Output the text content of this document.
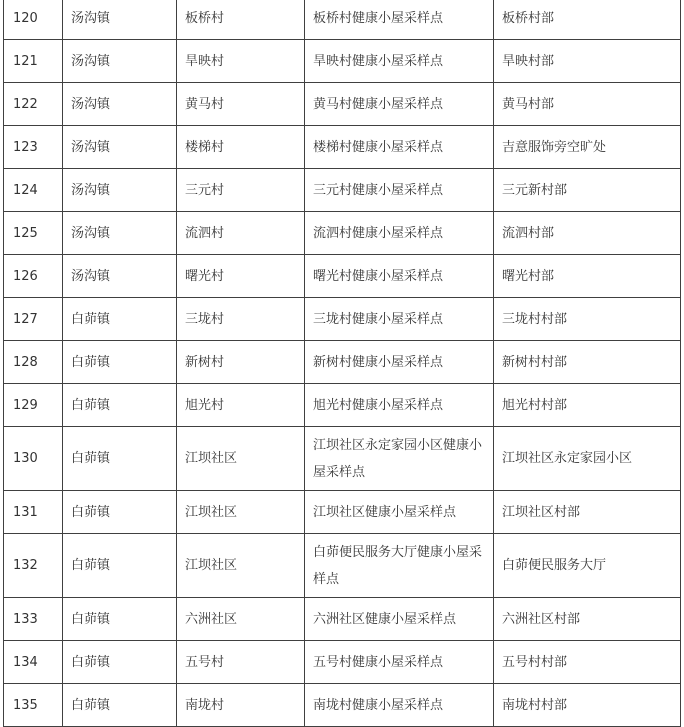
120	汤沟镇	板桥村	板桥村健康小屋采样点	板桥村部
121	汤沟镇	旱映村	旱映村健康小屋采样点	旱映村部
122	汤沟镇	黄马村	黄马村健康小屋采样点	黄马村部
123	汤沟镇	楼梯村	楼梯村健康小屋采样点	吉意服饰旁空旷处
124	汤沟镇	三元村	三元村健康小屋采样点	三元新村部
125	汤沟镇	流泗村	流泗村健康小屋采样点	流泗村部
126	汤沟镇	曙光村	曙光村健康小屋采样点	曙光村部
127	白茆镇	三垅村	三垅村健康小屋采样点	三垅村村部
128	白茆镇	新树村	新树村健康小屋采样点	新树村村部
129	白茆镇	旭光村	旭光村健康小屋采样点	旭光村村部
130	白茆镇	江坝社区	江坝社区永定家园小区健康小屋采样点	江坝社区永定家园小区
131	白茆镇	江坝社区	江坝社区健康小屋采样点	江坝社区村部
132	白茆镇	江坝社区	白茆便民服务大厅健康小屋采样点	白茆便民服务大厅
133	白茆镇	六洲社区	六洲社区健康小屋采样点	六洲社区村部
134	白茆镇	五号村	五号村健康小屋采样点	五号村村部
135	白茆镇	南垅村	南垅村健康小屋采样点	南垅村村部
